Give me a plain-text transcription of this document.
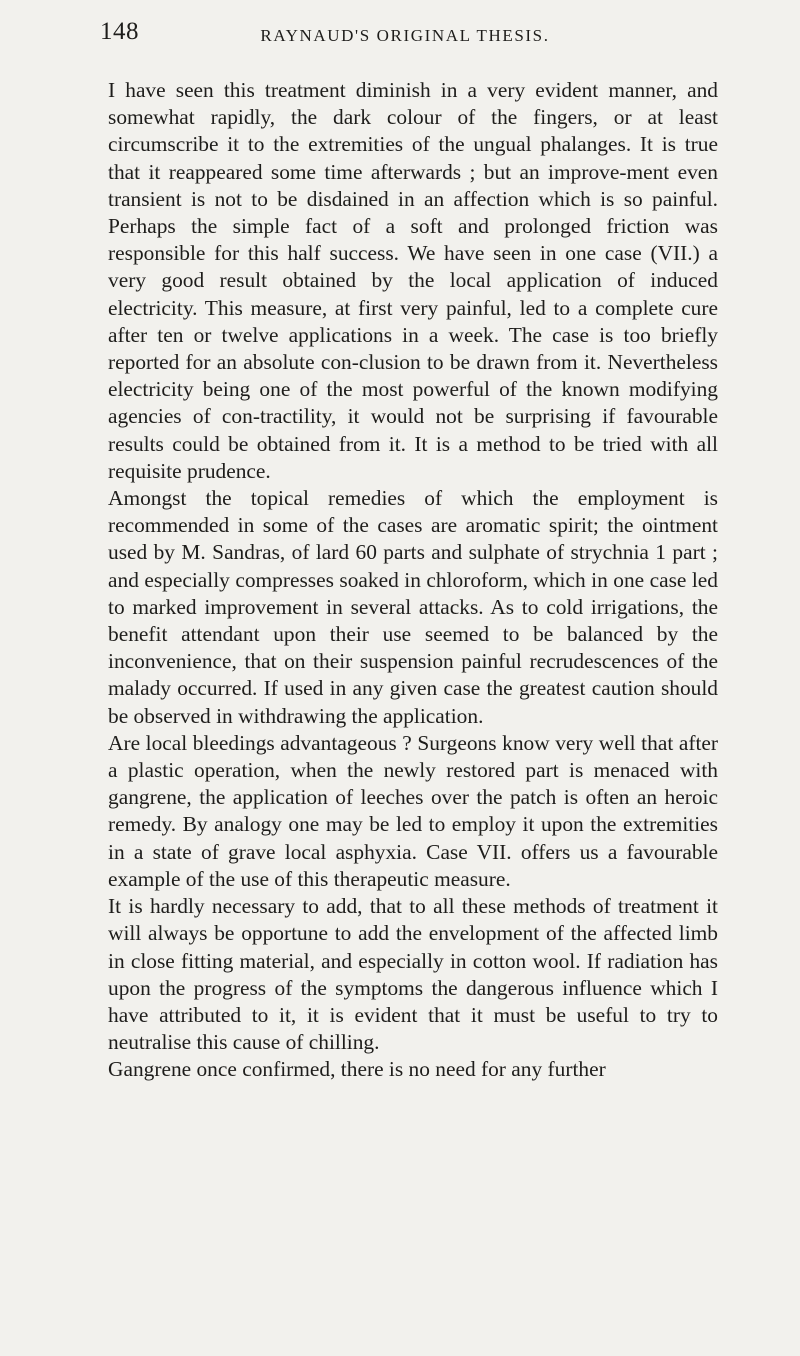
148	RAYNAUD'S ORIGINAL THESIS.

I have seen this treatment diminish in a very evident manner, and somewhat rapidly, the dark colour of the fingers, or at least circumscribe it to the extremities of the ungual phalanges. It is true that it reappeared some time afterwards ; but an improve-ment even transient is not to be disdained in an affection which is so painful. Perhaps the simple fact of a soft and prolonged friction was responsible for this half success. We have seen in one case (VII.) a very good result obtained by the local application of induced electricity. This measure, at first very painful, led to a complete cure after ten or twelve applications in a week. The case is too briefly reported for an absolute con-clusion to be drawn from it. Nevertheless electricity being one of the most powerful of the known modifying agencies of con-tractility, it would not be surprising if favourable results could be obtained from it. It is a method to be tried with all requisite prudence.

Amongst the topical remedies of which the employment is recommended in some of the cases are aromatic spirit; the ointment used by M. Sandras, of lard 60 parts and sulphate of strychnia 1 part ; and especially compresses soaked in chloroform, which in one case led to marked improvement in several attacks. As to cold irrigations, the benefit attendant upon their use seemed to be balanced by the inconvenience, that on their suspension painful recrudescences of the malady occurred. If used in any given case the greatest caution should be observed in withdrawing the application.

Are local bleedings advantageous ? Surgeons know very well that after a plastic operation, when the newly restored part is menaced with gangrene, the application of leeches over the patch is often an heroic remedy. By analogy one may be led to employ it upon the extremities in a state of grave local asphyxia. Case VII. offers us a favourable example of the use of this therapeutic measure.

It is hardly necessary to add, that to all these methods of treatment it will always be opportune to add the envelopment of the affected limb in close fitting material, and especially in cotton wool. If radiation has upon the progress of the symptoms the dangerous influence which I have attributed to it, it is evident that it must be useful to try to neutralise this cause of chilling.

Gangrene once confirmed, there is no need for any further
